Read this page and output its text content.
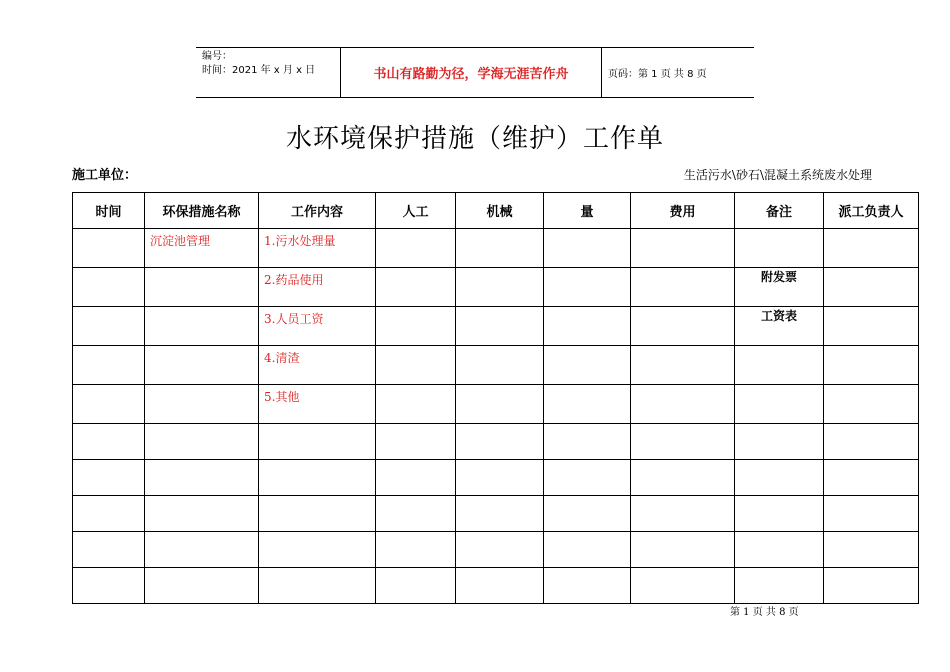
编号：
时间：2021 年 x 月 x 日	书山有路勤为径，学海无涯苦作舟	页码：第 1 页 共 8 页
水环境保护措施（维护）工作单
施工单位：	生活污水\砂石\混凝土系统废水处理
时间	环保措施名称	工作内容	人工	机械	量	费用	备注	派工负责人
	沉淀池管理	1.污水处理量						
		2.药品使用					附发票	
		3.人员工资					工资表	
		4.清渣						
		5.其他						

第 1 页 共 8 页
